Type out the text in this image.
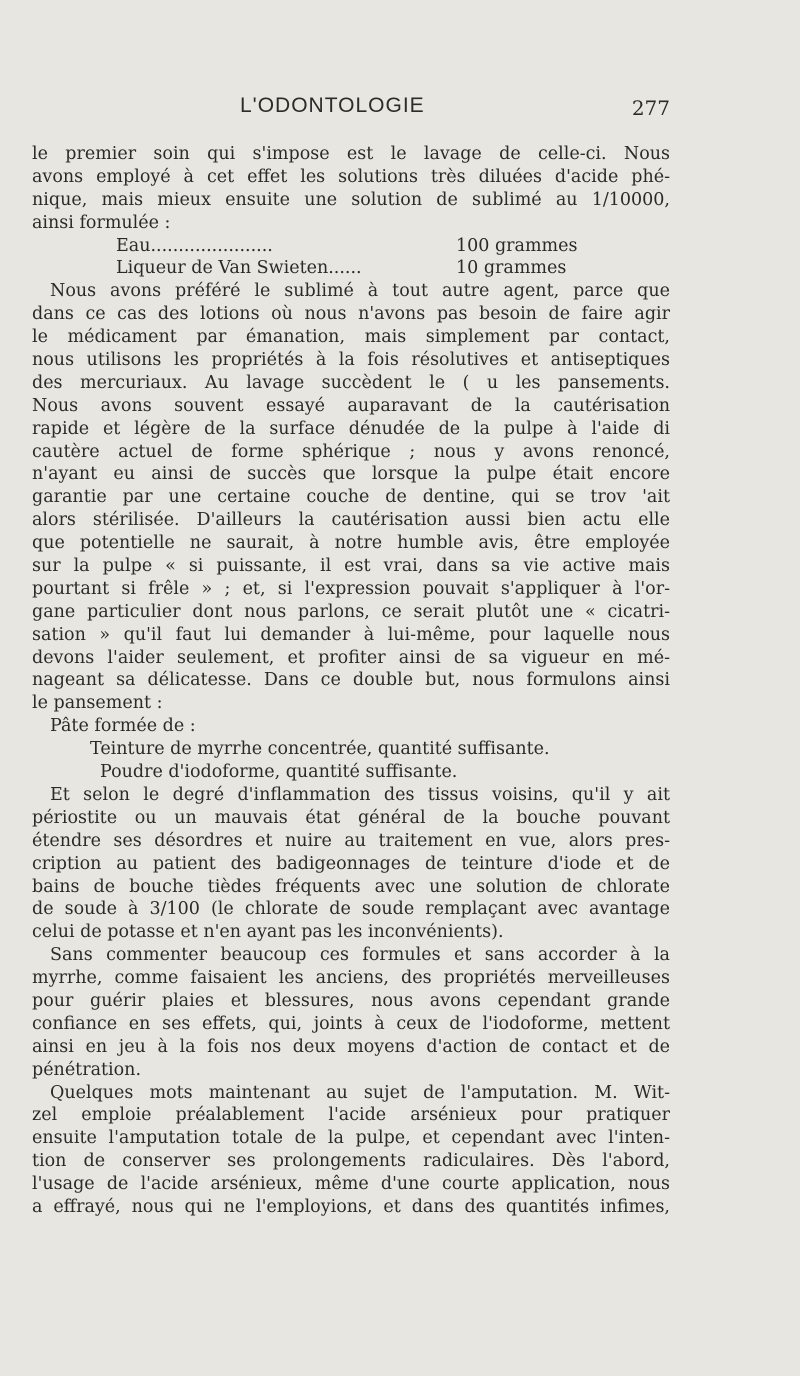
L'ODONTOLOGIE	277
le premier soin qui s'impose est le lavage de celle-ci. Nous
avons employé à cet effet les solutions très diluées d'acide phé-
nique, mais mieux ensuite une solution de sublimé au 1/10000,
ainsi formulée :
Eau......................	100 grammes
Liqueur de Van Swieten......	10 grammes
Nous avons préféré le sublimé à tout autre agent, parce que
dans ce cas des lotions où nous n'avons pas besoin de faire agir
le médicament par émanation, mais simplement par contact,
nous utilisons les propriétés à la fois résolutives et antiseptiques
des mercuriaux. Au lavage succèdent le ( u les pansements.
Nous avons souvent essayé auparavant de la cautérisation
rapide et légère de la surface dénudée de la pulpe à l'aide di
cautère actuel de forme sphérique ; nous y avons renoncé,
n'ayant eu ainsi de succès que lorsque la pulpe était encore
garantie par une certaine couche de dentine, qui se trov 'ait
alors stérilisée. D'ailleurs la cautérisation aussi bien actu elle
que potentielle ne saurait, à notre humble avis, être employée
sur la pulpe « si puissante, il est vrai, dans sa vie active mais
pourtant si frêle » ; et, si l'expression pouvait s'appliquer à l'or-
gane particulier dont nous parlons, ce serait plutôt une « cicatri-
sation » qu'il faut lui demander à lui-même, pour laquelle nous
devons l'aider seulement, et profiter ainsi de sa vigueur en mé-
nageant sa délicatesse. Dans ce double but, nous formulons ainsi
le pansement :
Pâte formée de :
Teinture de myrrhe concentrée, quantité suffisante.
Poudre d'iodoforme, quantité suffisante.
Et selon le degré d'inflammation des tissus voisins, qu'il y ait
périostite ou un mauvais état général de la bouche pouvant
étendre ses désordres et nuire au traitement en vue, alors pres-
cription au patient des badigeonnages de teinture d'iode et de
bains de bouche tièdes fréquents avec une solution de chlorate
de soude à 3/100 (le chlorate de soude remplaçant avec avantage
celui de potasse et n'en ayant pas les inconvénients).
Sans commenter beaucoup ces formules et sans accorder à la
myrrhe, comme faisaient les anciens, des propriétés merveilleuses
pour guérir plaies et blessures, nous avons cependant grande
confiance en ses effets, qui, joints à ceux de l'iodoforme, mettent
ainsi en jeu à la fois nos deux moyens d'action de contact et de
pénétration.
Quelques mots maintenant au sujet de l'amputation. M. Wit-
zel emploie préalablement l'acide arsénieux pour pratiquer
ensuite l'amputation totale de la pulpe, et cependant avec l'inten-
tion de conserver ses prolongements radiculaires. Dès l'abord,
l'usage de l'acide arsénieux, même d'une courte application, nous
a effrayé, nous qui ne l'employions, et dans des quantités infimes,
